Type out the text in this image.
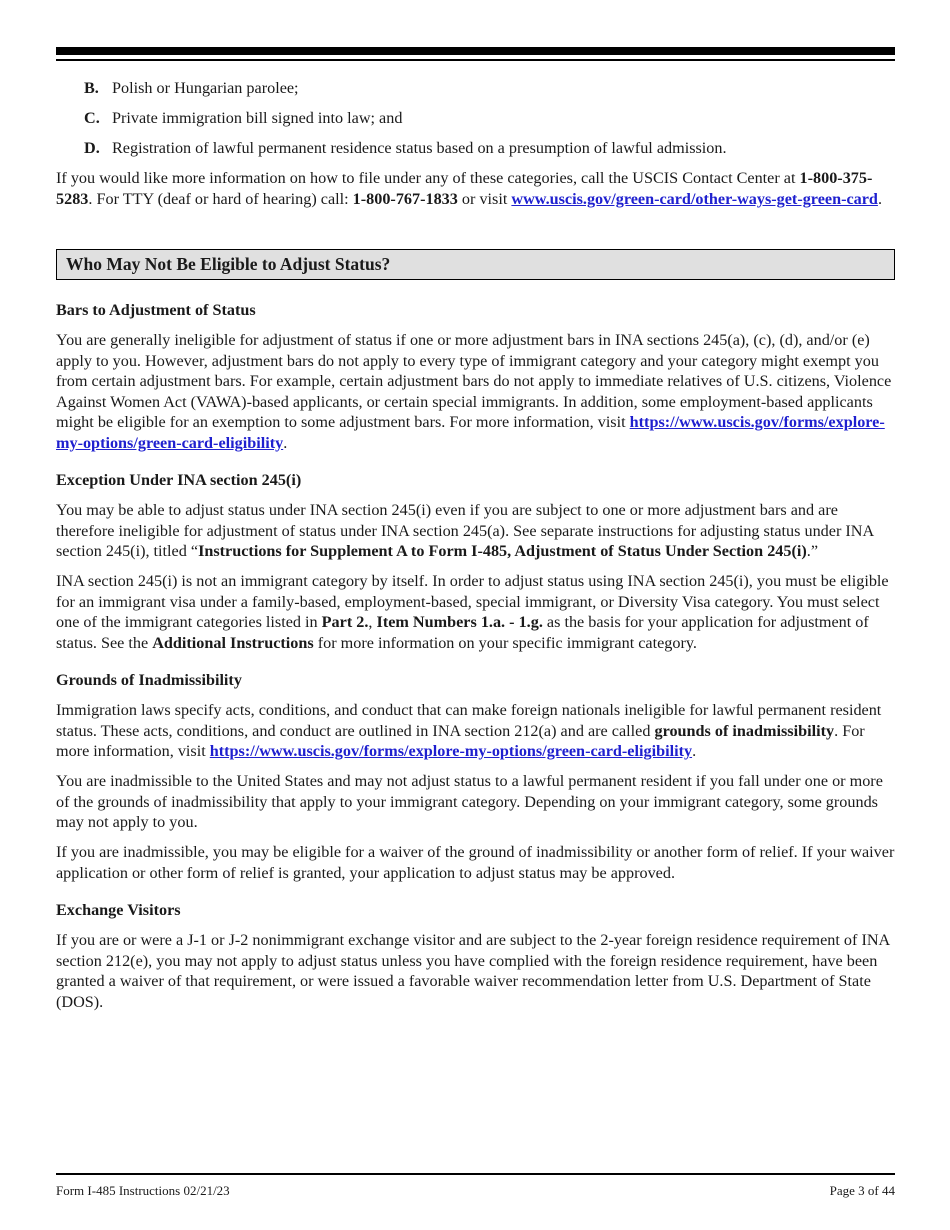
B. Polish or Hungarian parolee;
C. Private immigration bill signed into law; and
D. Registration of lawful permanent residence status based on a presumption of lawful admission.

If you would like more information on how to file under any of these categories, call the USCIS Contact Center at 1-800-375-5283. For TTY (deaf or hard of hearing) call: 1-800-767-1833 or visit www.uscis.gov/green-card/other-ways-get-green-card.

Who May Not Be Eligible to Adjust Status?
Bars to Adjustment of Status

You are generally ineligible for adjustment of status if one or more adjustment bars in INA sections 245(a), (c), (d), and/or (e) apply to you. However, adjustment bars do not apply to every type of immigrant category and your category might exempt you from certain adjustment bars. For example, certain adjustment bars do not apply to immediate relatives of U.S. citizens, Violence Against Women Act (VAWA)-based applicants, or certain special immigrants. In addition, some employment-based applicants might be eligible for an exemption to some adjustment bars. For more information, visit https://www.uscis.gov/forms/explore-my-options/green-card-eligibility.

Exception Under INA section 245(i)

You may be able to adjust status under INA section 245(i) even if you are subject to one or more adjustment bars and are therefore ineligible for adjustment of status under INA section 245(a). See separate instructions for adjusting status under INA section 245(i), titled “Instructions for Supplement A to Form I-485, Adjustment of Status Under Section 245(i).”

INA section 245(i) is not an immigrant category by itself. In order to adjust status using INA section 245(i), you must be eligible for an immigrant visa under a family-based, employment-based, special immigrant, or Diversity Visa category. You must select one of the immigrant categories listed in Part 2., Item Numbers 1.a. - 1.g. as the basis for your application for adjustment of status. See the Additional Instructions for more information on your specific immigrant category.

Grounds of Inadmissibility

Immigration laws specify acts, conditions, and conduct that can make foreign nationals ineligible for lawful permanent resident status. These acts, conditions, and conduct are outlined in INA section 212(a) and are called grounds of inadmissibility. For more information, visit https://www.uscis.gov/forms/explore-my-options/green-card-eligibility.

You are inadmissible to the United States and may not adjust status to a lawful permanent resident if you fall under one or more of the grounds of inadmissibility that apply to your immigrant category. Depending on your immigrant category, some grounds may not apply to you.

If you are inadmissible, you may be eligible for a waiver of the ground of inadmissibility or another form of relief. If your waiver application or other form of relief is granted, your application to adjust status may be approved.

Exchange Visitors

If you are or were a J-1 or J-2 nonimmigrant exchange visitor and are subject to the 2-year foreign residence requirement of INA section 212(e), you may not apply to adjust status unless you have complied with the foreign residence requirement, have been granted a waiver of that requirement, or were issued a favorable waiver recommendation letter from U.S. Department of State (DOS).

Form I-485 Instructions 02/21/23	Page 3 of 44
